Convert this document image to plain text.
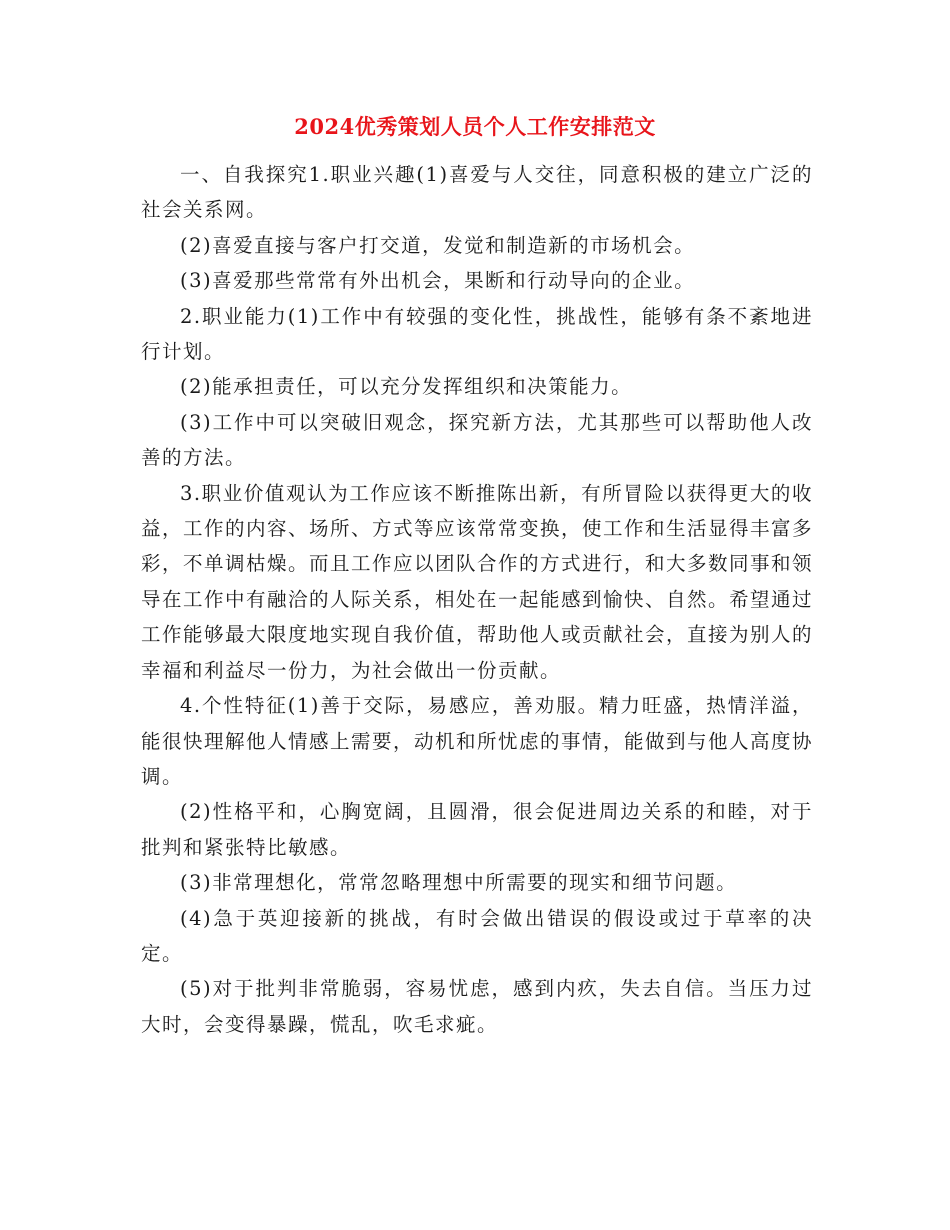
2024优秀策划人员个人工作安排范文

一、自我探究1.职业兴趣(1)喜爱与人交往，同意积极的建立广泛的社会关系网。

(2)喜爱直接与客户打交道，发觉和制造新的市场机会。

(3)喜爱那些常常有外出机会，果断和行动导向的企业。

2.职业能力(1)工作中有较强的变化性，挑战性，能够有条不紊地进行计划。

(2)能承担责任，可以充分发挥组织和决策能力。

(3)工作中可以突破旧观念，探究新方法，尤其那些可以帮助他人改善的方法。

3.职业价值观认为工作应该不断推陈出新，有所冒险以获得更大的收益，工作的内容、场所、方式等应该常常变换，使工作和生活显得丰富多彩，不单调枯燥。而且工作应以团队合作的方式进行，和大多数同事和领导在工作中有融洽的人际关系，相处在一起能感到愉快、自然。希望通过工作能够最大限度地实现自我价值，帮助他人或贡献社会，直接为别人的幸福和利益尽一份力，为社会做出一份贡献。

4.个性特征(1)善于交际，易感应，善劝服。精力旺盛，热情洋溢，能很快理解他人情感上需要，动机和所忧虑的事情，能做到与他人高度协调。

(2)性格平和，心胸宽阔，且圆滑，很会促进周边关系的和睦，对于批判和紧张特比敏感。

(3)非常理想化，常常忽略理想中所需要的现实和细节问题。

(4)急于英迎接新的挑战，有时会做出错误的假设或过于草率的决定。

(5)对于批判非常脆弱，容易忧虑，感到内疚，失去自信。当压力过大时，会变得暴躁，慌乱，吹毛求疵。
